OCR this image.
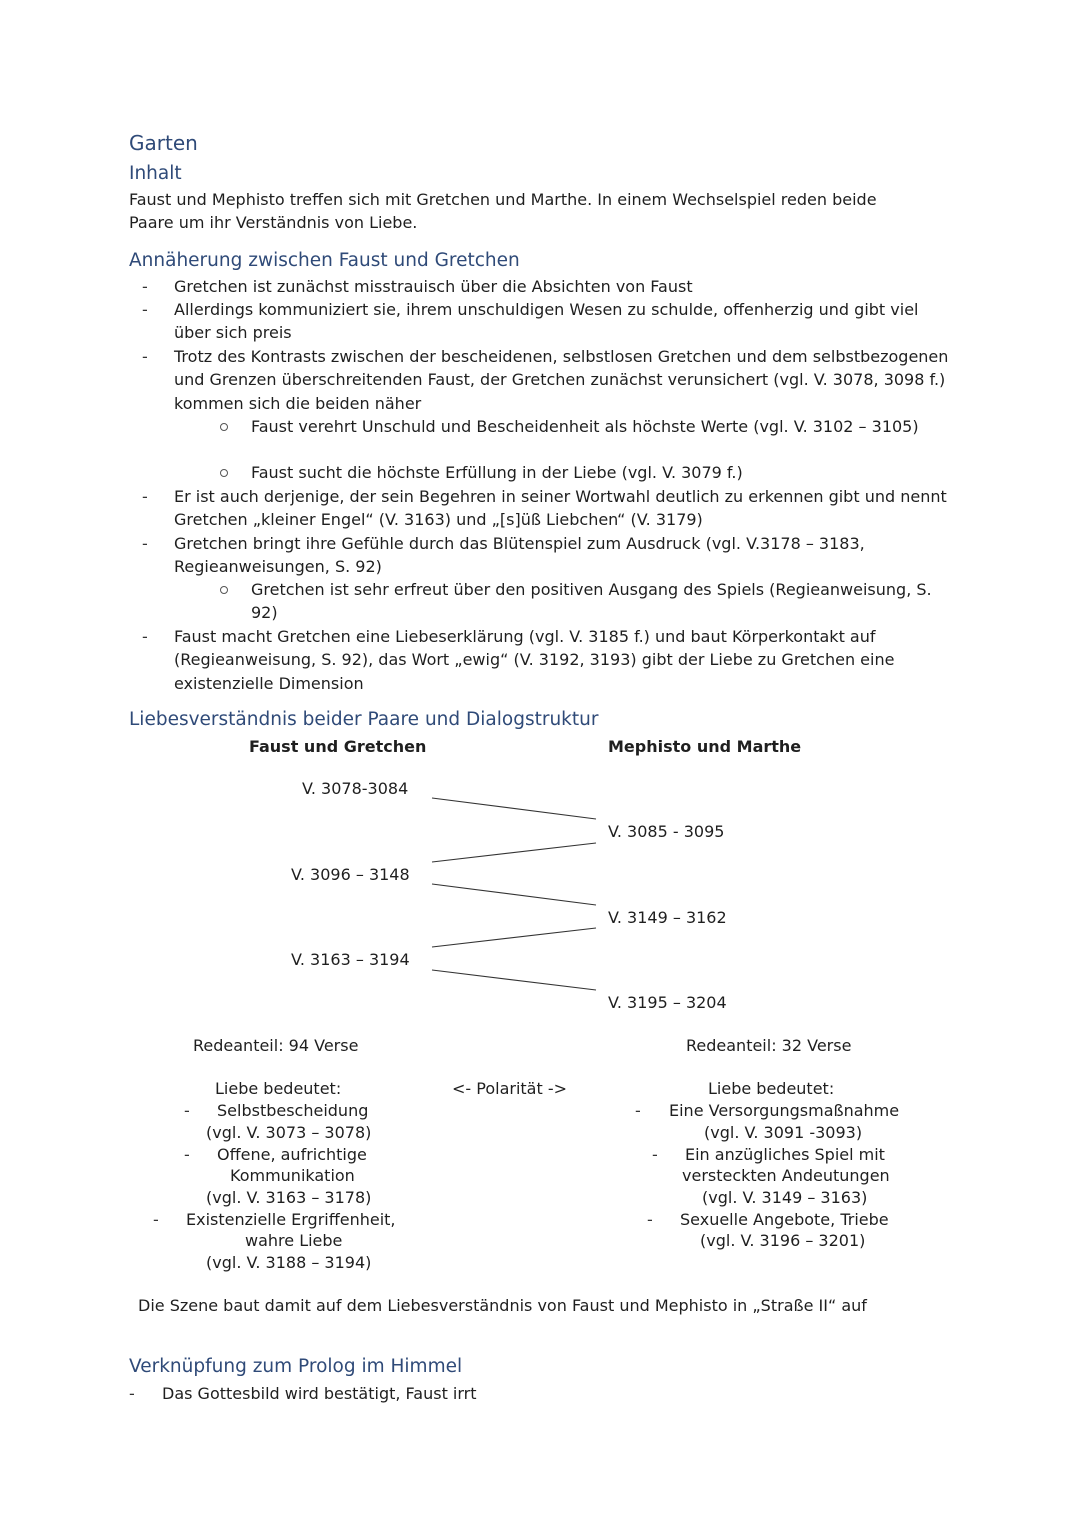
Garten
Inhalt
Faust und Mephisto treffen sich mit Gretchen und Marthe. In einem Wechselspiel reden beide
Paare um ihr Verständnis von Liebe.
Annäherung zwischen Faust und Gretchen
- Gretchen ist zunächst misstrauisch über die Absichten von Faust
- Allerdings kommuniziert sie, ihrem unschuldigen Wesen zu schulde, offenherzig und gibt viel über sich preis
- Trotz des Kontrasts zwischen der bescheidenen, selbstlosen Gretchen und dem selbstbezogenen und Grenzen überschreitenden Faust, der Gretchen zunächst verunsichert (vgl. V. 3078, 3098 f.) kommen sich die beiden näher
Faust verehrt Unschuld und Bescheidenheit als höchste Werte (vgl. V. 3102 – 3105)
Faust sucht die höchste Erfüllung in der Liebe (vgl. V. 3079 f.)
- Er ist auch derjenige, der sein Begehren in seiner Wortwahl deutlich zu erkennen gibt und nennt Gretchen „kleiner Engel“ (V. 3163) und „[s]üß Liebchen“ (V. 3179)
- Gretchen bringt ihre Gefühle durch das Blütenspiel zum Ausdruck (vgl. V.3178 – 3183, Regieanweisungen, S. 92)
Gretchen ist sehr erfreut über den positiven Ausgang des Spiels (Regieanweisung, S. 92)
- Faust macht Gretchen eine Liebeserklärung (vgl. V. 3185 f.) und baut Körperkontakt auf (Regieanweisung, S. 92), das Wort „ewig“ (V. 3192, 3193) gibt der Liebe zu Gretchen eine existenzielle Dimension
Liebesverständnis beider Paare und Dialogstruktur
Faust und Gretchen	Mephisto und Marthe
V. 3078-3084
V. 3096 – 3148
V. 3163 – 3194
V. 3085 - 3095
V. 3149 – 3162
V. 3195 – 3204
Redeanteil: 94 Verse	Redeanteil: 32 Verse
<- Polarität ->
Liebe bedeutet:
- Selbstbescheidung
(vgl. V. 3073 – 3078)
- Offene, aufrichtige
Kommunikation
(vgl. V. 3163 – 3178)
- Existenzielle Ergriffenheit,
wahre Liebe
(vgl. V. 3188 – 3194)
Liebe bedeutet:
- Eine Versorgungsmaßnahme
(vgl. V. 3091 -3093)
- Ein anzügliches Spiel mit
versteckten Andeutungen
(vgl. V. 3149 – 3163)
- Sexuelle Angebote, Triebe
(vgl. V. 3196 – 3201)
Die Szene baut damit auf dem Liebesverständnis von Faust und Mephisto in „Straße II“ auf
Verknüpfung zum Prolog im Himmel
- Das Gottesbild wird bestätigt, Faust irrt
